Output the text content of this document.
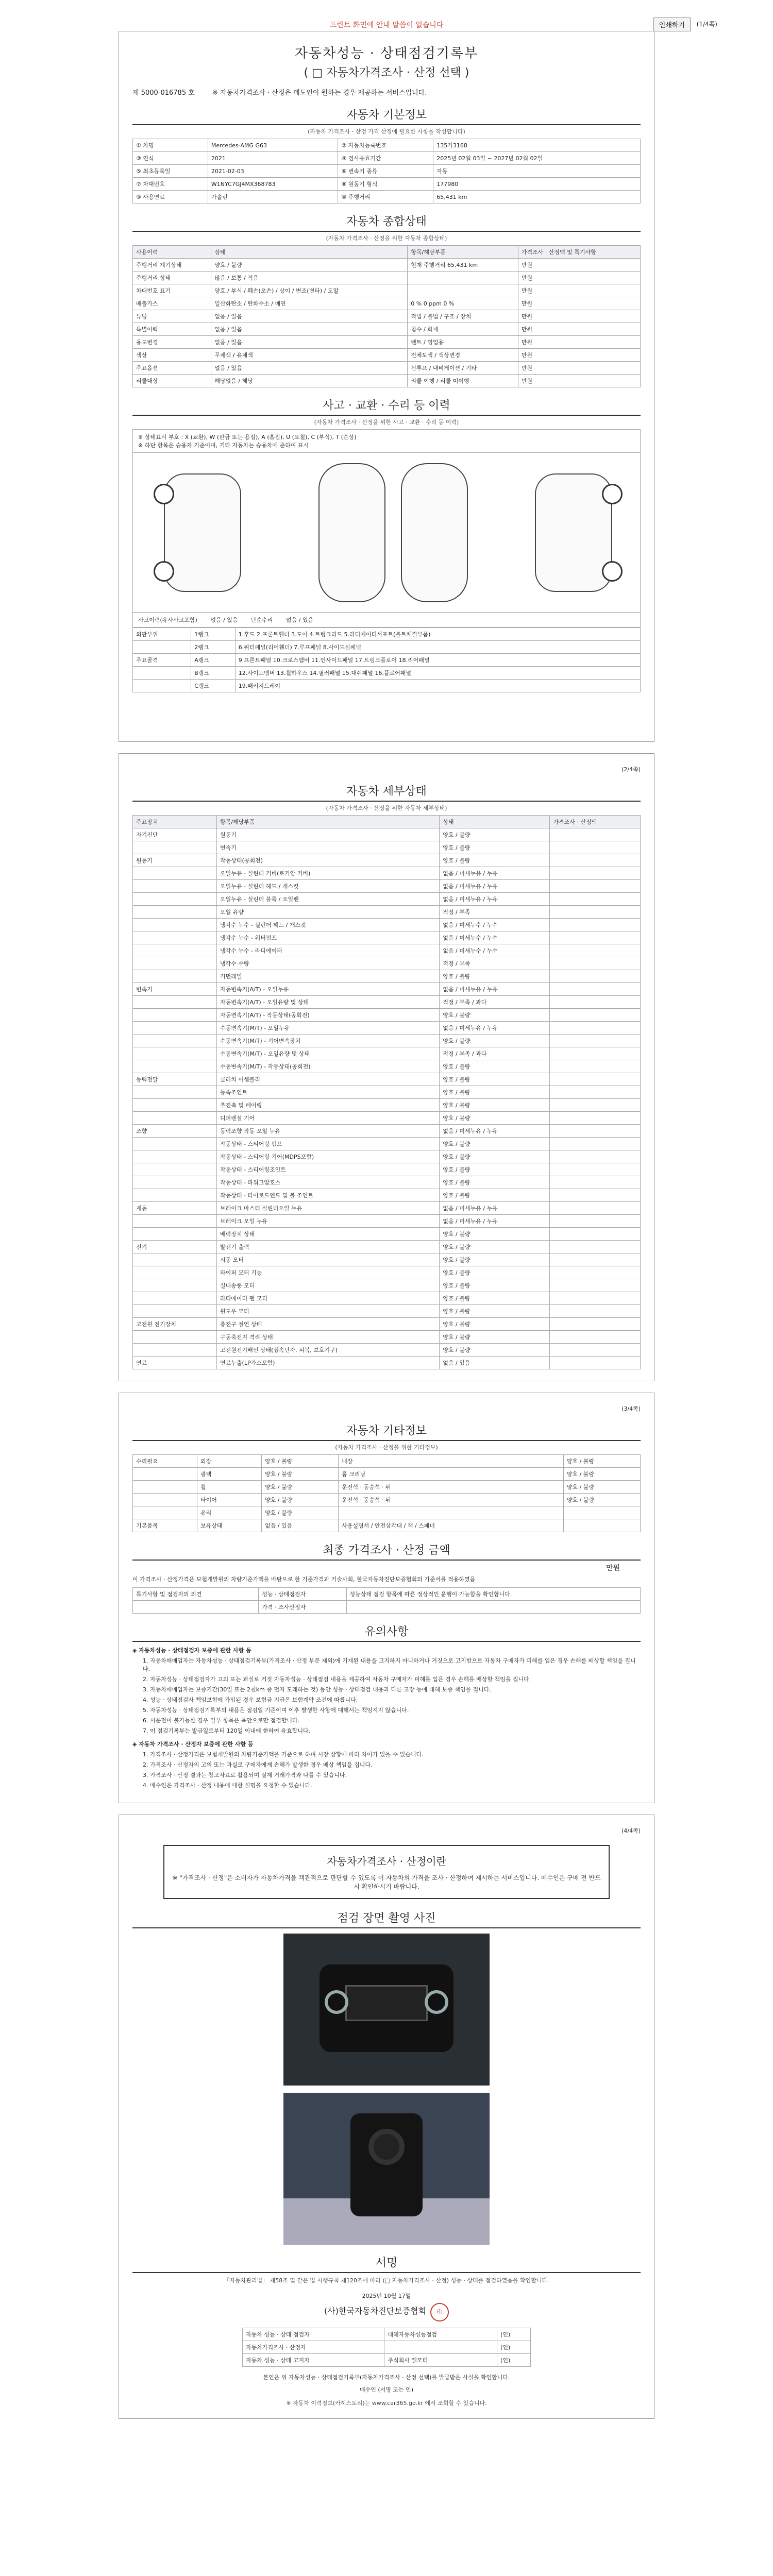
프린트 화면에 안내 말씀이 없습니다	인쇄하기	(1/4쪽)
자동차성능 · 상태점검기록부
( □ 자동차가격조사 · 산정 선택 )
제 5000-016785 호	※ 자동차가격조사 · 산정은 매도인이 원하는 경우 제공하는 서비스입니다.
자동차 기본정보
(자동차 가격조사 · 산정 가격 산정에 필요한 사항을 작성합니다)
① 차명	Mercedes-AMG G63	② 자동차등록번호	135가3168
③ 연식	2021	④ 검사유효기간	2025년 02월 03일 ~ 2027년 02월 02일
⑤ 최초등록일	2021-02-03	⑥ 변속기 종류	자동
⑦ 차대번호	W1NYC7GJ4MX368783	⑧ 원동기 형식	177980
⑨ 사용연료	가솔린	⑩ 주행거리	65,431 km
자동차 종합상태
(자동차 가격조사 · 산정을 위한 자동차 종합상태)
사용이력	상태	항목/해당부품	가격조사 · 산정액 및 특기사항
주행거리 계기상태	양호 / 불량	현재 주행거리 65,431 km	만원
주행거리 상태	많음 / 보통 / 적음		만원
차대번호 표기	양호 / 부식 / 훼손(오손) / 상이 / 변조(변타) / 도말		만원
배출가스	일산화탄소 / 탄화수소 / 매연	0 % 0 ppm 0 %	만원
튜닝	없음 / 있음	적법 / 불법 / 구조 / 장치	만원
특별이력	없음 / 있음	침수 / 화재	만원
용도변경	없음 / 있음	렌트 / 영업용	만원
색상	무채색 / 유채색	전체도색 / 색상변경	만원
주요옵션	없음 / 있음	선루프 / 내비게이션 / 기타	만원
리콜대상	해당없음 / 해당	리콜 이행 / 리콜 미이행	만원
사고 · 교환 · 수리 등 이력
(자동차 가격조사 · 산정을 위한 사고 · 교환 · 수리 등 이력)
※ 상태표시 부호 : X (교환), W (판금 또는 용접), A (흠집), U (요철), C (부식), T (손상)
※ 하단 항목은 승용차 기준이며, 기타 자동차는 승용차에 준하여 표시
사고이력(유사사고포함) 없음 / 있음 단순수리 없음 / 있음
외판부위	1랭크	1.후드 2.프론트휀더 3.도어 4.트렁크리드 5.라디에이터서포트(볼트체결부품)
	2랭크	6.쿼터패널(리어휀더) 7.루프패널 8.사이드실패널
주요골격	A랭크	9.프론트패널 10.크로스멤버 11.인사이드패널 17.트렁크플로어 18.리어패널
	B랭크	12.사이드멤버 13.휠하우스 14.필러패널 15.대쉬패널 16.플로어패널
	C랭크	19.패키지트레이
(2/4쪽)
자동차 세부상태
(자동차 가격조사 · 산정을 위한 자동차 세부상태)
주요장치	항목/해당부품	상태	가격조사 · 산정액
자기진단	원동기	양호 / 불량	
	변속기	양호 / 불량	
원동기	작동상태(공회전)	양호 / 불량	
	오일누유 - 실린더 커버(로커암 커버)	없음 / 미세누유 / 누유	
	오일누유 - 실린더 헤드 / 개스킷	없음 / 미세누유 / 누유	
	오일누유 - 실린더 블록 / 오일팬	없음 / 미세누유 / 누유	
	오일 유량	적정 / 부족	
	냉각수 누수 - 실린더 헤드 / 개스킷	없음 / 미세누수 / 누수	
	냉각수 누수 - 워터펌프	없음 / 미세누수 / 누수	
	냉각수 누수 - 라디에이터	없음 / 미세누수 / 누수	
	냉각수 수량	적정 / 부족	
	커먼레일	양호 / 불량	
변속기	자동변속기(A/T) - 오일누유	없음 / 미세누유 / 누유	
	자동변속기(A/T) - 오일유량 및 상태	적정 / 부족 / 과다	
	자동변속기(A/T) - 작동상태(공회전)	양호 / 불량	
	수동변속기(M/T) - 오일누유	없음 / 미세누유 / 누유	
	수동변속기(M/T) - 기어변속장치	양호 / 불량	
	수동변속기(M/T) - 오일유량 및 상태	적정 / 부족 / 과다	
	수동변속기(M/T) - 작동상태(공회전)	양호 / 불량	
동력전달	클러치 어셈블리	양호 / 불량	
	등속조인트	양호 / 불량	
	추진축 및 베어링	양호 / 불량	
	디퍼렌셜 기어	양호 / 불량	
조향	동력조향 작동 오일 누유	없음 / 미세누유 / 누유	
	작동상태 - 스티어링 펌프	양호 / 불량	
	작동상태 - 스티어링 기어(MDPS포함)	양호 / 불량	
	작동상태 - 스티어링조인트	양호 / 불량	
	작동상태 - 파워고압호스	양호 / 불량	
	작동상태 - 타이로드엔드 및 볼 조인트	양호 / 불량	
제동	브레이크 마스터 실린더오일 누유	없음 / 미세누유 / 누유	
	브레이크 오일 누유	없음 / 미세누유 / 누유	
	배력장치 상태	양호 / 불량	
전기	발전기 출력	양호 / 불량	
	시동 모터	양호 / 불량	
	와이퍼 모터 기능	양호 / 불량	
	실내송풍 모터	양호 / 불량	
	라디에이터 팬 모터	양호 / 불량	
	윈도우 모터	양호 / 불량	
고전원 전기장치	충전구 절연 상태	양호 / 불량	
	구동축전지 격리 상태	양호 / 불량	
	고전원전기배선 상태(접속단자, 피복, 보호기구)	양호 / 불량	
연료	연료누출(LP가스포함)	없음 / 있음	
(3/4쪽)
자동차 기타정보
(자동차 가격조사 · 산정을 위한 기타정보)
수리필요	외장	양호 / 불량	내장	양호 / 불량
	광택	양호 / 불량	룸 크리닝	양호 / 불량
	휠	양호 / 불량	운전석 · 동승석 · 뒤	양호 / 불량
	타이어	양호 / 불량	운전석 · 동승석 · 뒤	양호 / 불량
	유리	양호 / 불량		
기본품목	보유상태	없음 / 있음	사용설명서 / 안전삼각대 / 잭 / 스패너	
최종 가격조사 · 산정 금액
만원
이 가격조사 · 산정가격은 보험개발원의 차량기준가액을 바탕으로 한 기준가격과 기술사회, 한국자동차진단보증협회의 기준서를 적용하였음
특기사항 및 점검자의 의견	성능 · 상태점검자	성능상태 점검 항목에 따른 정상적인 운행이 가능함을 확인합니다.
	가격 · 조사산정자	
유의사항
◈ 자동차성능 · 상태점검자 보증에 관한 사항 등
1. 자동차매매업자는 자동차성능 · 상태점검기록부(가격조사 · 산정 부분 제외)에 기재된 내용을 고지하지 아니하거나 거짓으로 고지함으로 자동차 구매자가 피해를 입은 경우 손해를 배상할 책임을 집니다.
2. 자동차성능 · 상태점검자가 고의 또는 과실로 거짓 자동차성능 · 상태점검 내용을 제공하여 자동차 구매자가 피해를 입은 경우 손해를 배상할 책임을 집니다.
3. 자동차매매업자는 보증기간(30일 또는 2천km 중 먼저 도래하는 것) 동안 성능 · 상태점검 내용과 다른 고장 등에 대해 보증 책임을 집니다.
4. 성능 · 상태점검자 책임보험에 가입된 경우 보험금 지급은 보험계약 조건에 따릅니다.
5. 자동차성능 · 상태점검기록부의 내용은 점검일 기준이며 이후 발생한 사항에 대해서는 책임지지 않습니다.
6. 시운전이 불가능한 경우 일부 항목은 육안으로만 점검합니다.
7. 이 점검기록부는 발급일로부터 120일 이내에 한하여 유효합니다.
◈ 자동차 가격조사 · 산정자 보증에 관한 사항 등
1. 가격조사 · 산정가격은 보험개발원의 차량기준가액을 기준으로 하며 시장 상황에 따라 차이가 있을 수 있습니다.
2. 가격조사 · 산정자의 고의 또는 과실로 구매자에게 손해가 발생한 경우 배상 책임을 집니다.
3. 가격조사 · 산정 결과는 참고자료로 활용되며 실제 거래가격과 다를 수 있습니다.
4. 매수인은 가격조사 · 산정 내용에 대한 설명을 요청할 수 있습니다.
(4/4쪽)
자동차가격조사 · 산정이란
※ "가격조사 · 산정"은 소비자가 자동차가격을 객관적으로 판단할 수 있도록 이 자동차의 가격을 조사 · 산정하여 제시하는 서비스입니다. 매수인은 구매 전 반드시 확인하시기 바랍니다.
점검 장면 촬영 사진
서명
「자동차관리법」 제58조 및 같은 법 시행규칙 제120조에 따라 (□ 자동차가격조사 · 산정) 성능 · 상태를 점검하였음을 확인합니다.
2025년 10월 17일
(사)한국자동차진단보증협회 印
자동차 성능 · 상태 점검자	대해자동차성능점검	(인)
자동차가격조사 · 산정자		(인)
자동차 성능 · 상태 고지자	주식회사 엘모터	(인)
본인은 위 자동차성능 · 상태점검기록부(자동차가격조사 · 산정 선택)를 발급받은 사실을 확인합니다.
매수인 (서명 또는 인)
※ 자동차 이력정보(카히스토리)는 www.car365.go.kr 에서 조회할 수 있습니다.
